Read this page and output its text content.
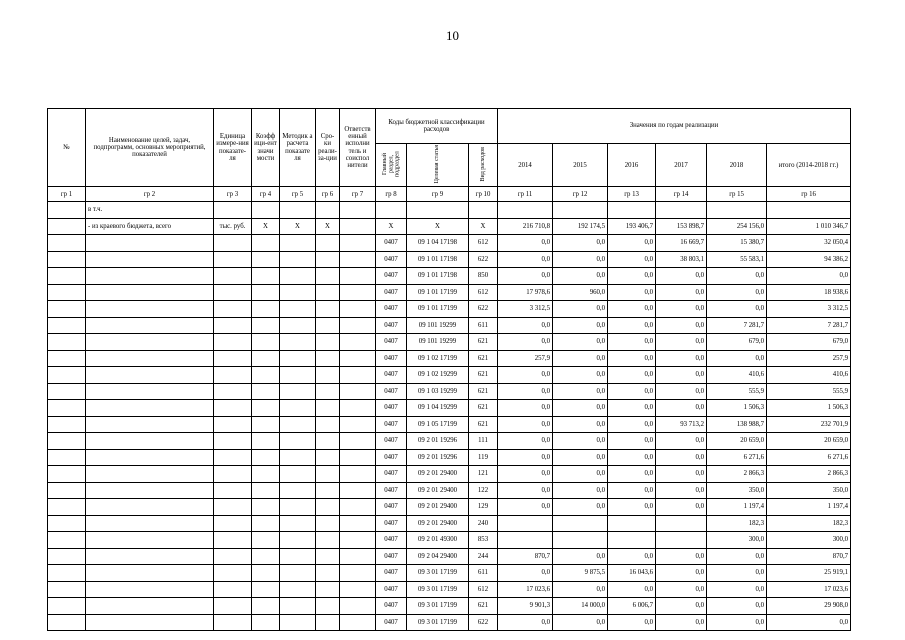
10
№	Наименование целей, задач, подпрограмм, основных мероприятий, показателей	Единица измере-ния показате-ля	Коэфф ици-ент значи мости	Методик а расчета показате ля	Сро-ки реали-за-ции	Ответств енный исполни тель и соиспол нители	Коды бюджетной классификации расходов			Значения по годам реализации					
							Главный раздел, подраздел	Целевая статья	Вид расходов	2014	2015	2016	2017	2018	итого (2014-2018 гг.)
гр 1	гр 2	гр 3	гр 4	гр 5	гр 6	гр 7	гр 8	гр 9	гр 10	гр 11	гр 12	гр 13	гр 14	гр 15	гр 16
	в т.ч.														
	- из краевого бюджета, всего	тыс. руб.	Х	Х	Х		Х	Х	Х	216 710,8	192 174,5	193 406,7	153 898,7	254 156,0	1 010 346,7
							0407	09 1 04 17198	612	0,0	0,0	0,0	16 669,7	15 380,7	32 050,4
							0407	09 1 01 17198	622	0,0	0,0	0,0	38 803,1	55 583,1	94 386,2
							0407	09 1 01 17198	850	0,0	0,0	0,0	0,0	0,0	0,0
							0407	09 1 01 17199	612	17 978,6	960,0	0,0	0,0	0,0	18 938,6
							0407	09 1 01 17199	622	3 312,5	0,0	0,0	0,0	0,0	3 312,5
							0407	09 101 19299	611	0,0	0,0	0,0	0,0	7 281,7	7 281,7
							0407	09 101 19299	621	0,0	0,0	0,0	0,0	679,0	679,0
							0407	09 1 02 17199	621	257,9	0,0	0,0	0,0	0,0	257,9
							0407	09 1 02 19299	621	0,0	0,0	0,0	0,0	410,6	410,6
							0407	09 1 03 19299	621	0,0	0,0	0,0	0,0	555,9	555,9
							0407	09 1 04 19299	621	0,0	0,0	0,0	0,0	1 506,3	1 506,3
							0407	09 1 05 17199	621	0,0	0,0	0,0	93 713,2	138 988,7	232 701,9
							0407	09 2 01 19296	111	0,0	0,0	0,0	0,0	20 659,0	20 659,0
							0407	09 2 01 19296	119	0,0	0,0	0,0	0,0	6 271,6	6 271,6
							0407	09 2 01 29400	121	0,0	0,0	0,0	0,0	2 866,3	2 866,3
							0407	09 2 01 29400	122	0,0	0,0	0,0	0,0	350,0	350,0
							0407	09 2 01 29400	129	0,0	0,0	0,0	0,0	1 197,4	1 197,4
							0407	09 2 01 29400	240					182,3	182,3
							0407	09 2 01 49300	853					300,0	300,0
							0407	09 2 04 29400	244	870,7	0,0	0,0	0,0	0,0	870,7
							0407	09 3 01 17199	611	0,0	9 875,5	16 043,6	0,0	0,0	25 919,1
							0407	09 3 01 17199	612	17 023,6	0,0	0,0	0,0	0,0	17 023,6
							0407	09 3 01 17199	621	9 901,3	14 000,0	6 006,7	0,0	0,0	29 908,0
							0407	09 3 01 17199	622	0,0	0,0	0,0	0,0	0,0	0,0
